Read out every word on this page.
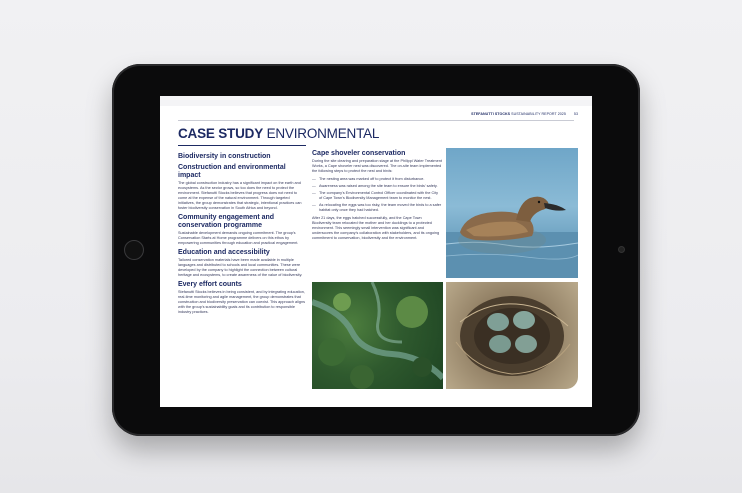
STEFANUTTI STOCKS SUSTAINABILITY REPORT 2025 53
CASE STUDY ENVIRONMENTAL
Biodiversity in construction
Construction and environmental impact
The global construction industry has a significant impact on the earth and ecosystems. As the sector grows, so too does the need to protect the environment. Stefanutti Stocks believes that progress does not need to come at the expense of the natural environment. Through targeted initiatives, the group demonstrates that strategic, intentional practices can foster biodiversity conservation in South Africa and beyond.
Community engagement and conservation programme
Sustainable development demands ongoing commitment. The group's Conservation Starts at Home programme delivers on this ethos by empowering communities through education and practical engagement.
Education and accessibility
Tailored conservation materials have been made available in multiple languages and distributed to schools and local communities. These were developed by the company to highlight the connection between cultural heritage and ecosystems, to create awareness of the value of biodiversity.
Every effort counts
Stefanutti Stocks believes in being consistent, and by integrating education, real-time monitoring and agile management, the group demonstrates that construction and biodiversity preservation can coexist. This approach aligns with the group's sustainability goals and its contribution to responsible industry practices.
Cape shoveler conservation
During the site clearing and preparation stage at the Philippi Water Treatment Works, a Cape shoveler nest was discovered. The on-site team implemented the following steps to protect the nest and birds:
— The nesting area was marked off to protect it from disturbance.
— Awareness was raised among the site team to ensure the birds' safety.
— The company's Environmental Control Officer coordinated with the City of Cape Town's Biodiversity Management team to monitor the nest.
— As relocating the eggs was too risky, the team moved the birds to a safer habitat only once they had hatched.
After 21 days, the eggs hatched successfully, and the Cape Town Biodiversity team relocated the mother and her ducklings to a protected environment. This seemingly small intervention was significant and underscores the company's collaboration with stakeholders, and its ongoing commitment to conservation, biodiversity and the environment.
